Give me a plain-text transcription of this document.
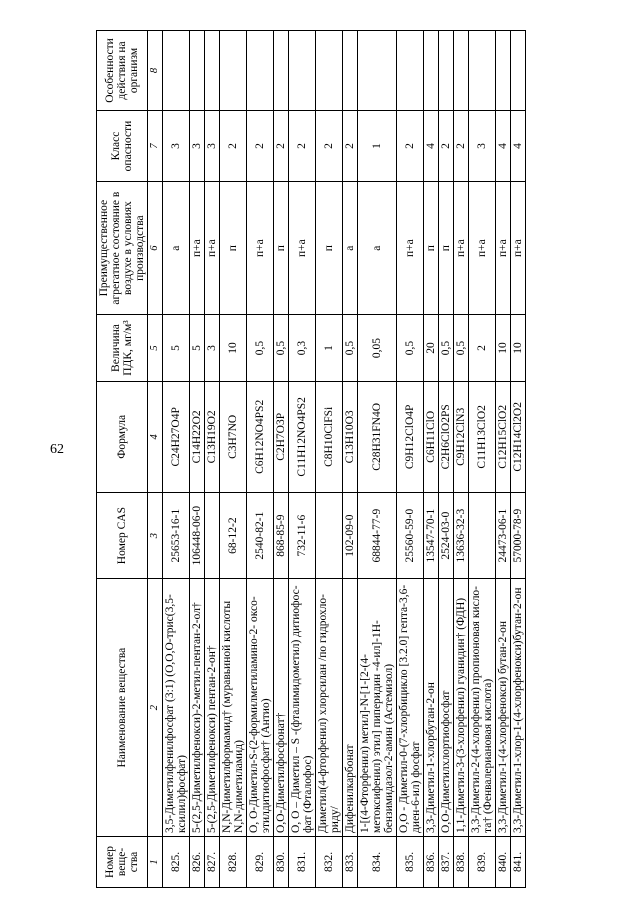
62
Номер веще-ства	Наименование вещества	Номер CAS	Формула	Величина ПДК, мг/м³	Преимущественное агрегатное состояние в воздухе в условиях производства	Класс опасности	Особенности действия на организм
1	2	3	4	5	6	7	8
825.	3,5-Диметилфенилфосфат (3:1) (О,О,О-трис(3,5-ксилил)фосфат)	25653-16-1	C24H27O4P	5	а	3	
826.	5-(2,5-Диметилфенокси)-2-метил-пентан-2-ол†	106448-06-0	C14H22O2	5	п+а	3	
827.	5-(2,5-Диметилфенокси) пентан-2-он†		C13H19O2	3	п+а	3	
828.	N,N-Диметилформамид† (муравьиной кислоты N,N-диметиламид)	68-12-2	C3H7NO	10	п	2	
829.	О, О-Диметил-S-(2-формилметиламино-2- оксо-этилдитиофосфат† (Антио)	2540-82-1	C6H12NO4PS2	0,5	п+а	2	
830.	О,О-Диметилфосфонат†	868-85-9	C2H7O3P	0,5	п	2	
831.	О, О – Диметил – S -(фталимидометил) дитиофос-фат (Фталофос)	732-11-6	C11H12NO4PS2	0,3	п+а	2	
832.	Диметил(4-фторфенил) хлорсилан /по гидрохло-риду/		C8H10ClFSi	1	п	2	
833.	Дифенилкарбонат	102-09-0	C13H10O3	0,5	а	2	
834.	1-[(4-Фторфенил) метил]-N-[1-[2-(4-метоксифенил) этил] пиперидин -4-ил]-1H-бензимидазол-2-амин (Астемизол)	68844-77-9	C28H31FN4O	0,05	а	1	
835.	О,О - Диметил-0-(7-хлорбицикло [3.2.0] гепта-3,6-диен-6-ил) фосфат	25560-59-0	C9H12ClO4P	0,5	п+а	2	
836.	3,3-Диметил-1-хлорбутан-2-он	13547-70-1	C6H11ClO	20	п	4	
837.	О,О-Диметилхлортиофосфат	2524-03-0	C2H6ClO2PS	0,5	п	2	
838.	1,1-Диметил-3-(3-хлорфенил) гуанидин† (ФДН)	13636-32-3	C9H12ClN3	0,5	п+а	2	
839.	3,3-Диметил-2-(4-хлорфенил) пропионовая кисло-та† (Фенвалериановая кислота)		C11H13ClO2	2	п+а	3	
840.	3,3-Диметил-1-(4-хлорфенокси) бутан-2-он	24473-06-1	C12H15ClO2	10	п+а	4	
841.	3,3-Диметил-1-хлор-1-(4-хлорфенокси)бутан-2-он	57000-78-9	C12H14Cl2O2	10	п+а	4	
